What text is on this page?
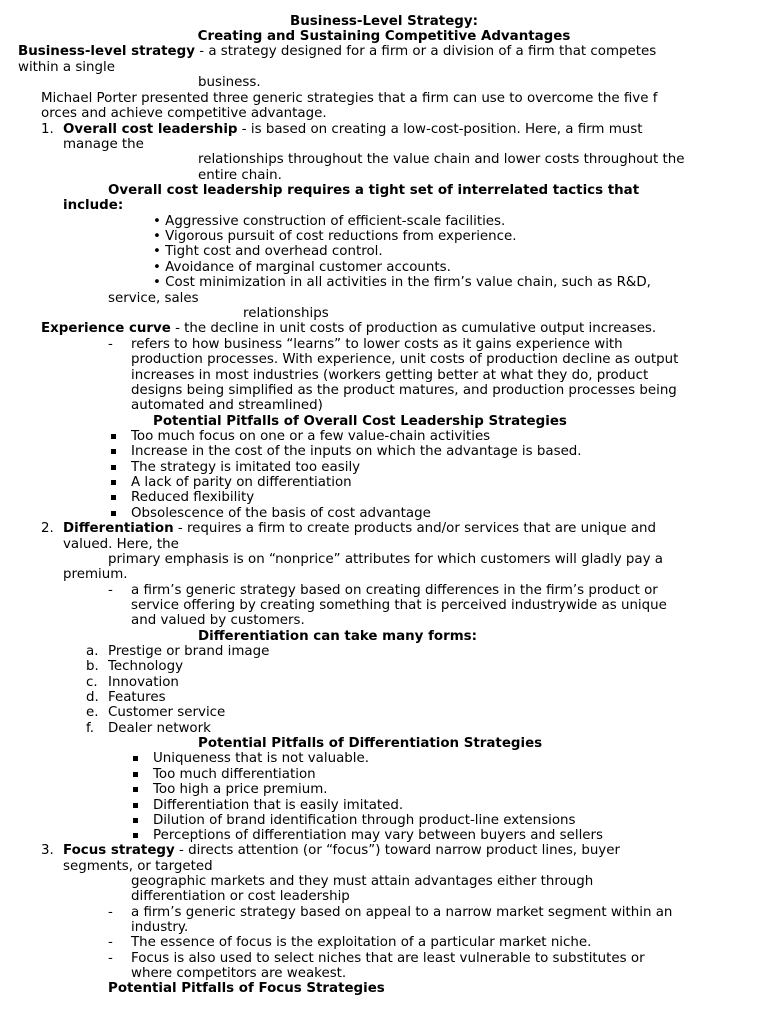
Business-Level Strategy:
Creating and Sustaining Competitive Advantages
Business-level strategy - a strategy designed for a firm or a division of a firm that competes
within a single
business.
Michael Porter presented three generic strategies that a firm can use to overcome the five f
orces and achieve competitive advantage.
1. Overall cost leadership - is based on creating a low-cost-position. Here, a firm must
manage the
relationships throughout the value chain and lower costs throughout the
entire chain.
Overall cost leadership requires a tight set of interrelated tactics that
include:
• Aggressive construction of efficient-scale facilities.
• Vigorous pursuit of cost reductions from experience.
• Tight cost and overhead control.
• Avoidance of marginal customer accounts.
• Cost minimization in all activities in the firm’s value chain, such as R&D,
service, sales
relationships
Experience curve - the decline in unit costs of production as cumulative output increases.
- refers to how business “learns” to lower costs as it gains experience with
production processes. With experience, unit costs of production decline as output
increases in most industries (workers getting better at what they do, product
designs being simplified as the product matures, and production processes being
automated and streamlined)
Potential Pitfalls of Overall Cost Leadership Strategies
Too much focus on one or a few value-chain activities
Increase in the cost of the inputs on which the advantage is based.
The strategy is imitated too easily
A lack of parity on differentiation
Reduced flexibility
Obsolescence of the basis of cost advantage
2. Differentiation - requires a firm to create products and/or services that are unique and
valued. Here, the
primary emphasis is on “nonprice” attributes for which customers will gladly pay a
premium.
- a firm’s generic strategy based on creating differences in the firm’s product or
service offering by creating something that is perceived industrywide as unique
and valued by customers.
Differentiation can take many forms:
a. Prestige or brand image
b. Technology
c. Innovation
d. Features
e. Customer service
f. Dealer network
Potential Pitfalls of Differentiation Strategies
Uniqueness that is not valuable.
Too much differentiation
Too high a price premium.
Differentiation that is easily imitated.
Dilution of brand identification through product-line extensions
Perceptions of differentiation may vary between buyers and sellers
3. Focus strategy - directs attention (or “focus”) toward narrow product lines, buyer
segments, or targeted
geographic markets and they must attain advantages either through
differentiation or cost leadership
- a firm’s generic strategy based on appeal to a narrow market segment within an
industry.
- The essence of focus is the exploitation of a particular market niche.
- Focus is also used to select niches that are least vulnerable to substitutes or
where competitors are weakest.
Potential Pitfalls of Focus Strategies
